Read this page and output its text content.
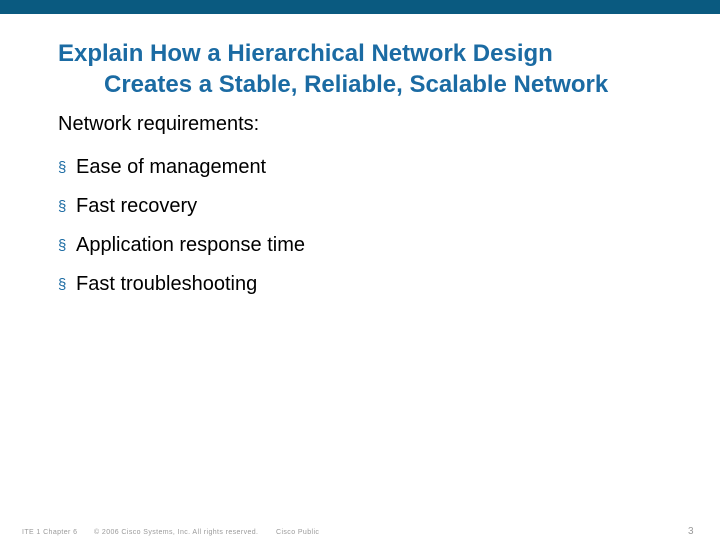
Explain How a Hierarchical Network Design
Creates a Stable, Reliable, Scalable Network
Network requirements:
§ Ease of management
§ Fast recovery
§ Application response time
§ Fast troubleshooting
ITE 1 Chapter 6 © 2006 Cisco Systems, Inc. All rights reserved.	Cisco Public	3
